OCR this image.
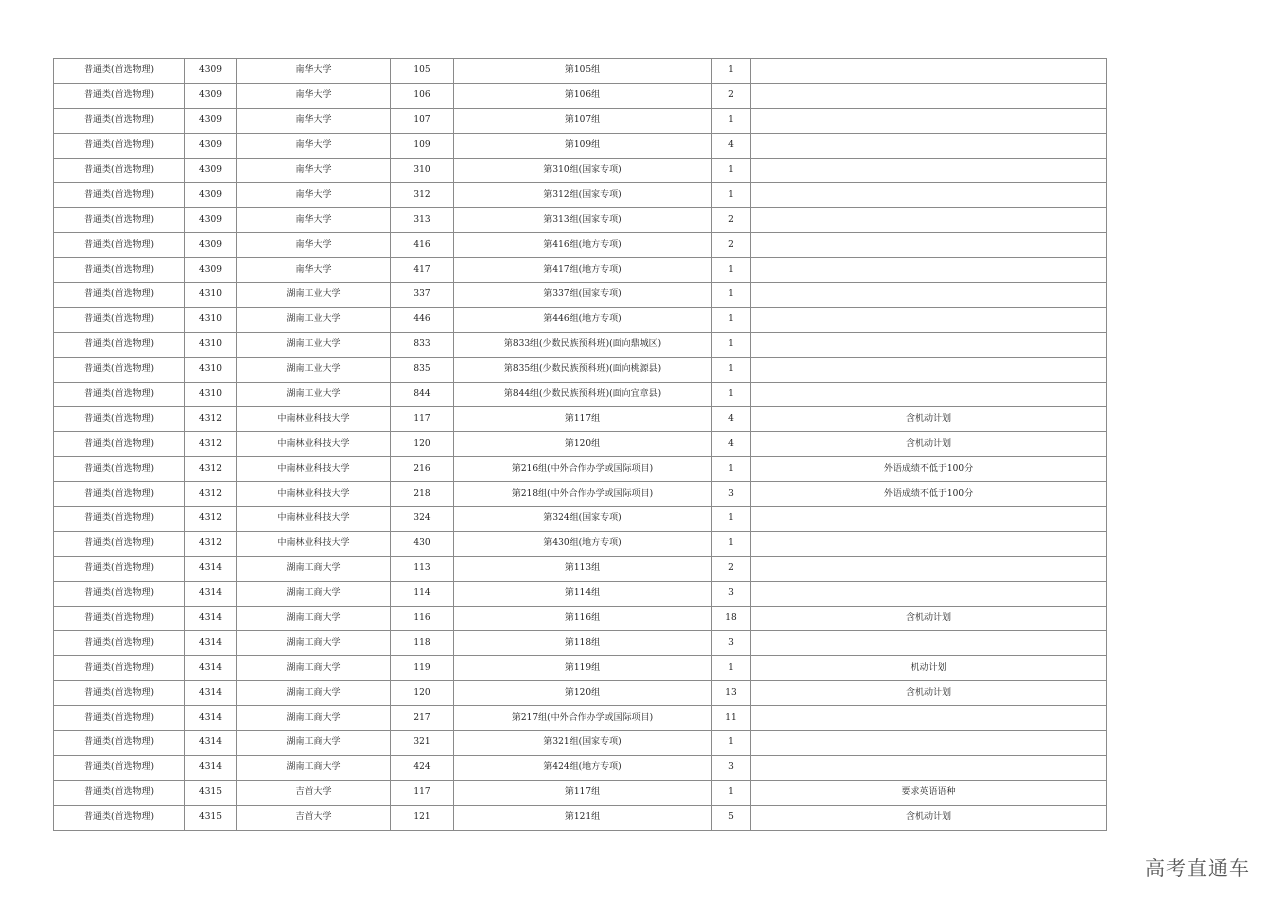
普通类(首选物理)	4309	南华大学	105	第105组	1	
普通类(首选物理)	4309	南华大学	106	第106组	2	
普通类(首选物理)	4309	南华大学	107	第107组	1	
普通类(首选物理)	4309	南华大学	109	第109组	4	
普通类(首选物理)	4309	南华大学	310	第310组(国家专项)	1	
普通类(首选物理)	4309	南华大学	312	第312组(国家专项)	1	
普通类(首选物理)	4309	南华大学	313	第313组(国家专项)	2	
普通类(首选物理)	4309	南华大学	416	第416组(地方专项)	2	
普通类(首选物理)	4309	南华大学	417	第417组(地方专项)	1	
普通类(首选物理)	4310	湖南工业大学	337	第337组(国家专项)	1	
普通类(首选物理)	4310	湖南工业大学	446	第446组(地方专项)	1	
普通类(首选物理)	4310	湖南工业大学	833	第833组(少数民族预科班)(面向鼎城区)	1	
普通类(首选物理)	4310	湖南工业大学	835	第835组(少数民族预科班)(面向桃源县)	1	
普通类(首选物理)	4310	湖南工业大学	844	第844组(少数民族预科班)(面向宜章县)	1	
普通类(首选物理)	4312	中南林业科技大学	117	第117组	4	含机动计划
普通类(首选物理)	4312	中南林业科技大学	120	第120组	4	含机动计划
普通类(首选物理)	4312	中南林业科技大学	216	第216组(中外合作办学或国际项目)	1	外语成绩不低于100分
普通类(首选物理)	4312	中南林业科技大学	218	第218组(中外合作办学或国际项目)	3	外语成绩不低于100分
普通类(首选物理)	4312	中南林业科技大学	324	第324组(国家专项)	1	
普通类(首选物理)	4312	中南林业科技大学	430	第430组(地方专项)	1	
普通类(首选物理)	4314	湖南工商大学	113	第113组	2	
普通类(首选物理)	4314	湖南工商大学	114	第114组	3	
普通类(首选物理)	4314	湖南工商大学	116	第116组	18	含机动计划
普通类(首选物理)	4314	湖南工商大学	118	第118组	3	
普通类(首选物理)	4314	湖南工商大学	119	第119组	1	机动计划
普通类(首选物理)	4314	湖南工商大学	120	第120组	13	含机动计划
普通类(首选物理)	4314	湖南工商大学	217	第217组(中外合作办学或国际项目)	11	
普通类(首选物理)	4314	湖南工商大学	321	第321组(国家专项)	1	
普通类(首选物理)	4314	湖南工商大学	424	第424组(地方专项)	3	
普通类(首选物理)	4315	吉首大学	117	第117组	1	要求英语语种
普通类(首选物理)	4315	吉首大学	121	第121组	5	含机动计划
高考直通车
